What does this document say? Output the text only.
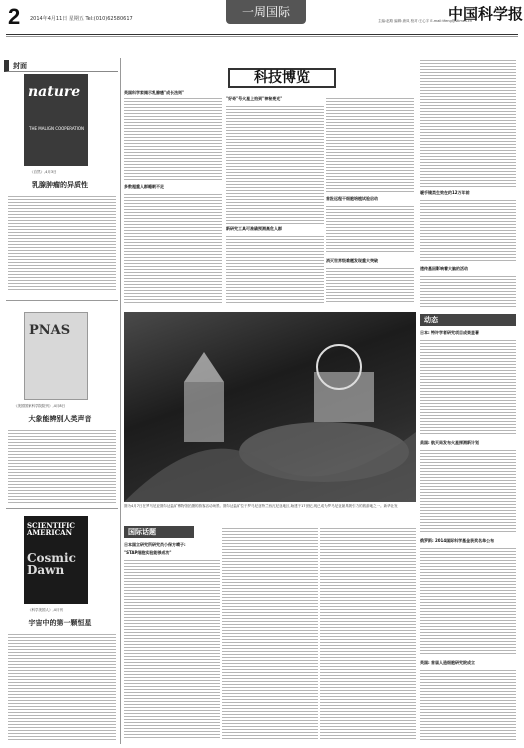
2 2014年4月11日 星期五 Tel:(010)62580617	一周国际	中国科学报
主编:赵路 编辑:唐凤 校对:王心宇 E-mail:tfeng@stimes.cn
封面
nature
THE MALIGN COOPERATION
《自然》,4月3日
乳腺肿瘤的异质性
PNAS
《美国国家科学院院刊》,4月8日
大象能辨别人类声音
SCIENTIFIC AMERICAN
Cosmic Dawn
《科学美国人》,4月刊
宇宙中的第一颗恒星
科技博览
英国科学家揭示乳腺癌"成长法则"
多数超重人群睡眠不足
"好奇"号火星上拍到"神秘亮光"
新研究工具可准确预测高危人群
首批远程干细胞培植试验启动
消灭世界级难题发现重大突破
暖手镜类生效在约12万年前
遗传基因影响着大脑的活动
图为4月7日在罗马尼亚图尔达盐矿博物馆拍摄的游客活动场景。图尔达盐矿位于罗马尼亚特兰西瓦尼亚地区,始建于17世纪,现已成为罗马尼亚最具吸引力的旅游地之一。新华社发
动态
日本: 特许学者研究项目成果显著
美国: 航天局发布火星探测新计划
俄罗斯: 2014国际科学基金获奖名单公布
英国: 首届人造细胞研究院成立
国际话题
日本国立研究所研究员小保方晴子:
"STAP细胞实验能够成功"
